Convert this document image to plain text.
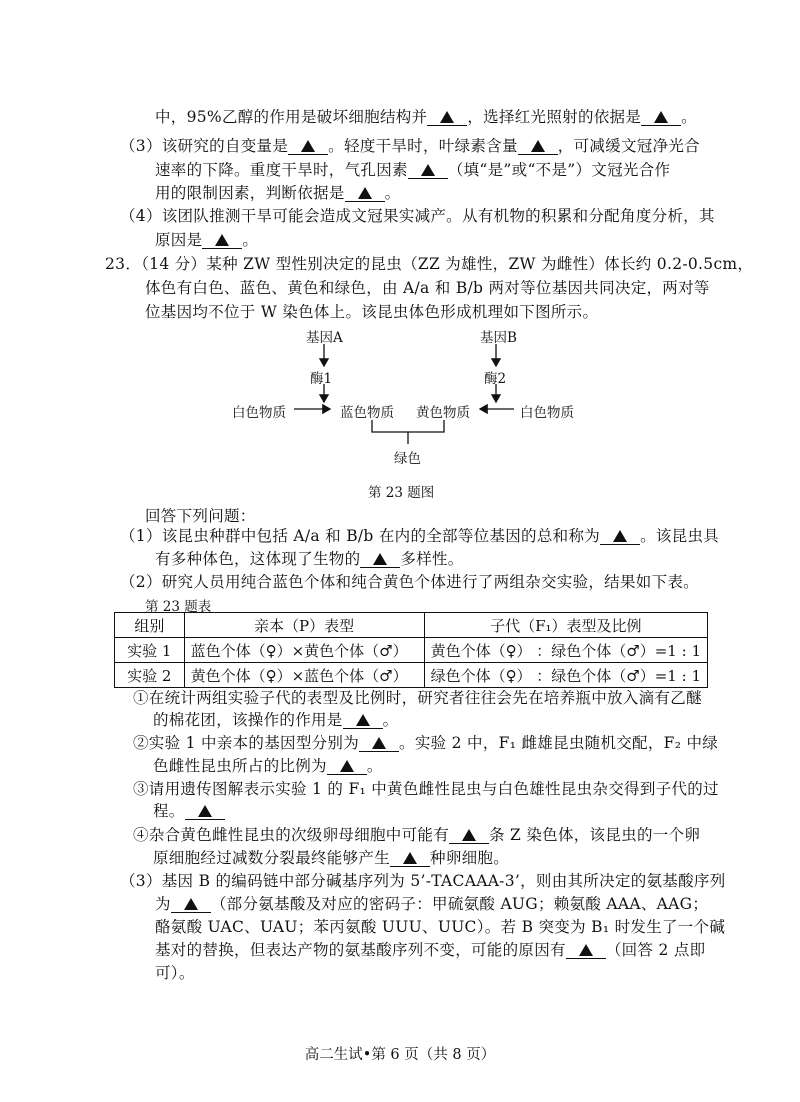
中，95%乙醇的作用是破坏细胞结构并	，选择红光照射的依据是	。
（3）该研究的自变量是	。轻度干旱时，叶绿素含量	，可减缓文冠净光合
速率的下降。重度干旱时，气孔因素	（填“是”或“不是”）文冠光合作
用的限制因素，判断依据是	。
（4）该团队推测干旱可能会造成文冠果实减产。从有机物的积累和分配角度分析，其
原因是	。
23．（14 分）某种 ZW 型性别决定的昆虫（ZZ 为雄性，ZW 为雌性）体长约 0.2-0.5cm，
体色有白色、蓝色、黄色和绿色，由 A/a 和 B/b 两对等位基因共同决定，两对等
位基因均不位于 W 染色体上。该昆虫体色形成机理如下图所示。
基因A
酶1
基因B
酶2
白色物质	蓝色物质 黄色物质	白色物质
绿色
第 23 题图
回答下列问题：
（1）该昆虫种群中包括 A/a 和 B/b 在内的全部等位基因的总和称为	。该昆虫具
有多种体色，这体现了生物的	多样性。
（2）研究人员用纯合蓝色个体和纯合黄色个体进行了两组杂交实验，结果如下表。
第 23 题表
组别	亲本（P）表型	子代（F₁）表型及比例
实验 1	蓝色个体（♀）×黄色个体（♂）	黄色个体（♀） ：绿色个体（♂）=1 : 1
实验 2	黄色个体（♀）×蓝色个体（♂）	绿色个体（♀） ：绿色个体（♂）=1 : 1
①在统计两组实验子代的表型及比例时，研究者往往会先在培养瓶中放入滴有乙醚
的棉花团，该操作的作用是	。
②实验 1 中亲本的基因型分别为	。实验 2 中，F₁ 雌雄昆虫随机交配，F₂ 中绿
色雌性昆虫所占的比例为	。
③请用遗传图解表示实验 1 的 F₁ 中黄色雌性昆虫与白色雄性昆虫杂交得到子代的过
程。
④杂合黄色雌性昆虫的次级卵母细胞中可能有	条 Z 染色体，该昆虫的一个卵
原细胞经过减数分裂最终能够产生	种卵细胞。
（3）基因 B 的编码链中部分碱基序列为 5’-TACAAA-3’，则由其所决定的氨基酸序列
为	（部分氨基酸及对应的密码子：甲硫氨酸 AUG；赖氨酸 AAA、AAG；
酪氨酸 UAC、UAU；苯丙氨酸 UUU、UUC）。若 B 突变为 B₁ 时发生了一个碱
基对的替换，但表达产物的氨基酸序列不变，可能的原因有	（回答 2 点即
可）。
高二生试•第 6 页（共 8 页）
